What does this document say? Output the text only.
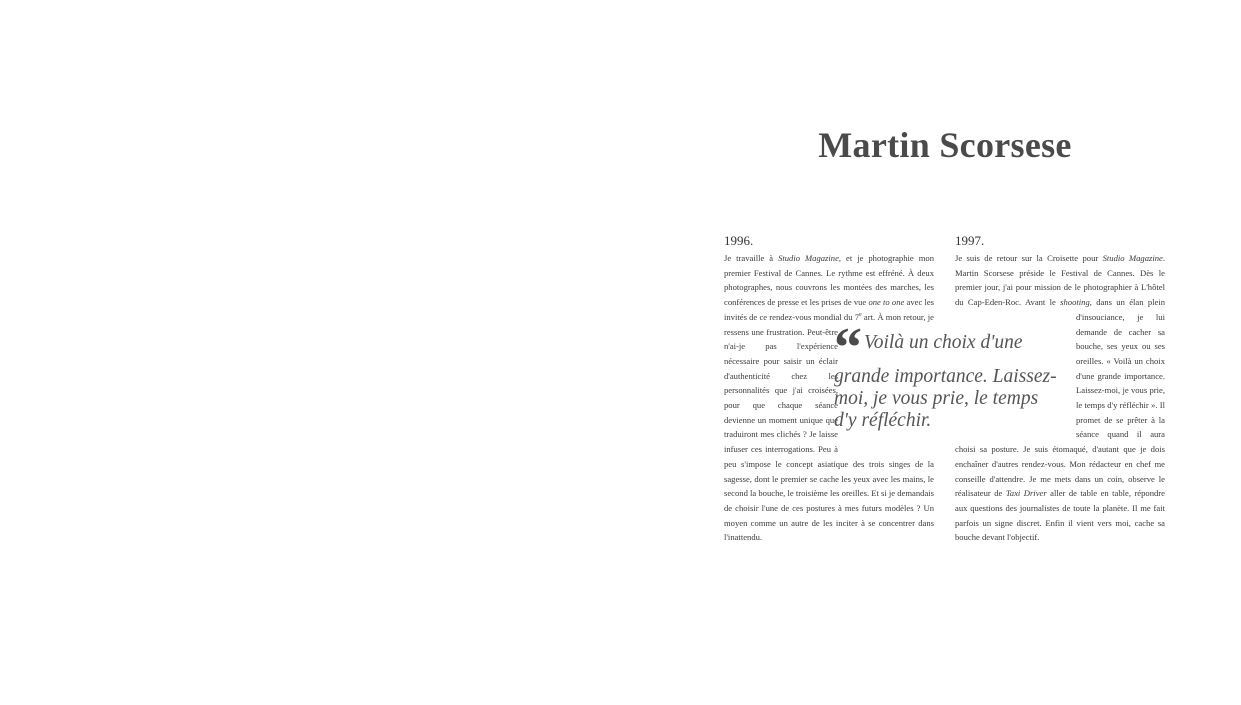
Martin Scorsese
1996.

Je travaille à Studio Magazine, et je photographie mon premier Festival de Cannes. Le rythme est effréné. À deux photographes, nous couvrons les montées des marches, les conférences de presse et les prises de vue one to one avec les invités de ce rendez-vous mondial du 7e
art. À mon retour, je ressens une frustration. Peut-être n'ai-je pas l'expérience nécessaire pour saisir un éclair d'authenticité chez les personnalités que j'ai croisées, pour que chaque séance devienne un moment unique que traduiront mes clichés ? Je laisse infuser ces interrogations. Peu à peu s'impose le concept asiatique des trois singes de la sagesse, dont le premier se cache les yeux avec les mains, le second la bouche, le troisième les oreilles. Et si je demandais de choisir l'une de ces postures à mes futurs modèles ? Un moyen comme un autre de les inciter à se concentrer dans l'inattendu.

1997.

Je suis de retour sur la Croisette pour Studio Magazine. Martin Scorsese préside le Festival de Cannes. Dès le premier jour, j'ai pour mission de le photographier à L'hôtel du Cap-Eden-Roc. Avant le shooting
, dans un élan plein d'insouciance, je lui demande de cacher sa bouche, ses yeux ou ses oreilles. « Voilà un choix d'une grande importance. Laissez-moi, je vous prie, le temps d'y réfléchir ». Il promet de se prêter à la séance quand il aura choisi sa posture. Je suis étomaqué, d'autant que je dois enchaîner d'autres rendez-vous. Mon rédacteur en chef me conseille d'attendre. Je me mets dans un coin, observe le réalisateur de Taxi Driver aller de table en table, répondre aux questions des journalistes de toute la planète. Il me fait parfois un signe discret. Enfin il vient vers moi, cache sa bouche devant l'objectif.

“ Voilà un choix d'une grande importance. Laissez-moi, je vous prie, le temps d'y réfléchir.
